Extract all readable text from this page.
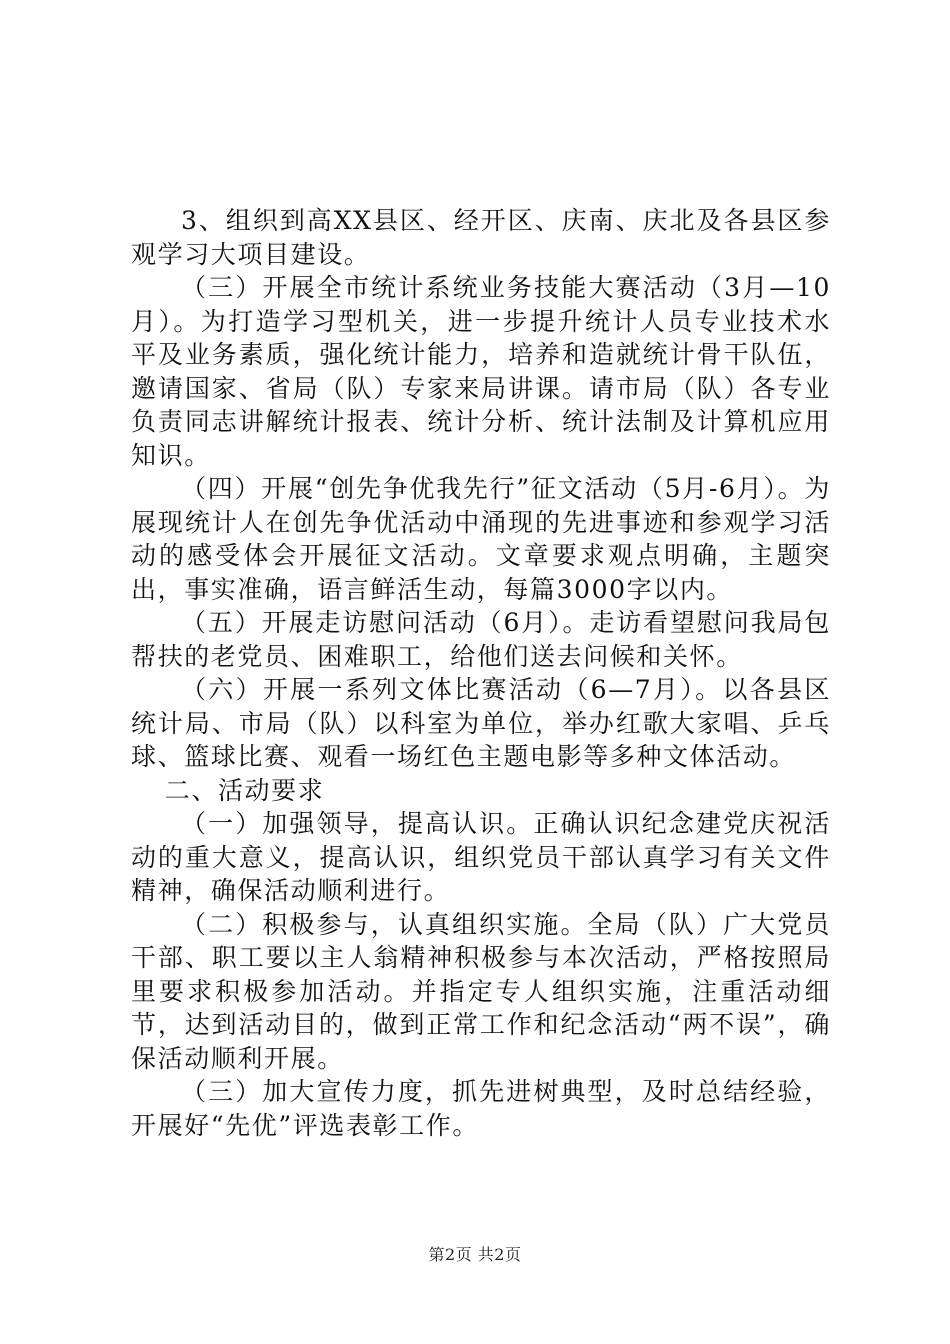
3、组织到高XX县区、经开区、庆南、庆北及各县区参观学习大项目建设。

（三）开展全市统计系统业务技能大赛活动（3月—10月）。为打造学习型机关，进一步提升统计人员专业技术水平及业务素质，强化统计能力，培养和造就统计骨干队伍，邀请国家、省局（队）专家来局讲课。请市局（队）各专业负责同志讲解统计报表、统计分析、统计法制及计算机应用知识。

（四）开展“创先争优我先行”征文活动（5月-6月）。为展现统计人在创先争优活动中涌现的先进事迹和参观学习活动的感受体会开展征文活动。文章要求观点明确，主题突出，事实准确，语言鲜活生动，每篇3000字以内。

（五）开展走访慰问活动（6月）。走访看望慰问我局包帮扶的老党员、困难职工，给他们送去问候和关怀。

（六）开展一系列文体比赛活动（6—7月）。以各县区统计局、市局（队）以科室为单位，举办红歌大家唱、乒乓球、篮球比赛、观看一场红色主题电影等多种文体活动。

二、活动要求

（一）加强领导，提高认识。正确认识纪念建党庆祝活动的重大意义，提高认识，组织党员干部认真学习有关文件精神，确保活动顺利进行。

（二）积极参与，认真组织实施。全局（队）广大党员干部、职工要以主人翁精神积极参与本次活动，严格按照局里要求积极参加活动。并指定专人组织实施，注重活动细节，达到活动目的，做到正常工作和纪念活动“两不误”，确保活动顺利开展。

（三）加大宣传力度，抓先进树典型，及时总结经验，开展好“先优”评选表彰工作。

第2页 共2页
